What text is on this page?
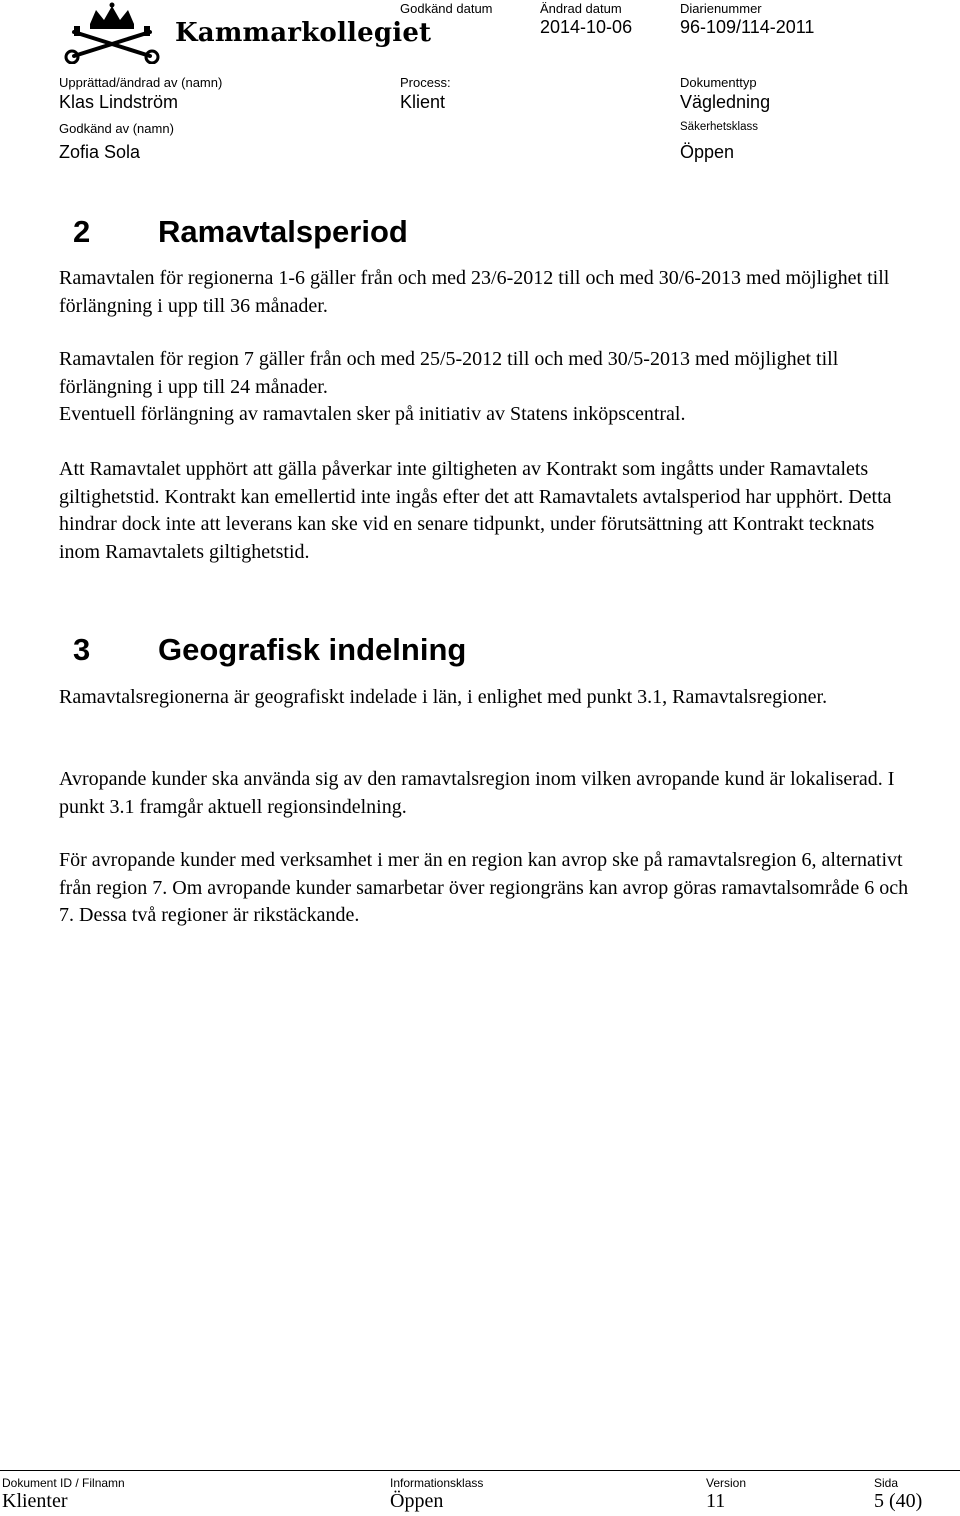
Kammarkollegiet
Godkänd datum	Ändrad datum
2014-10-06
Diarienummer
96-109/114-2011
Upprättad/ändrad av (namn)
Klas Lindström
Process:
Klient
Dokumenttyp
Vägledning
Godkänd av (namn)
Zofia Sola
Säkerhetsklass
Öppen
2 Ramavtalsperiod
Ramavtalen för regionerna 1-6 gäller från och med 23/6-2012 till och med 30/6-2013 med möjlighet till förlängning i upp till 36 månader.
Ramavtalen för region 7 gäller från och med 25/5-2012 till och med 30/5-2013 med möjlighet till förlängning i upp till 24 månader.
Eventuell förlängning av ramavtalen sker på initiativ av Statens inköpscentral.
Att Ramavtalet upphört att gälla påverkar inte giltigheten av Kontrakt som ingåtts under Ramavtalets giltighetstid. Kontrakt kan emellertid inte ingås efter det att Ramavtalets avtalsperiod har upphört. Detta hindrar dock inte att leverans kan ske vid en senare tidpunkt, under förutsättning att Kontrakt tecknats inom Ramavtalets giltighetstid.
3 Geografisk indelning
Ramavtalsregionerna är geografiskt indelade i län, i enlighet med punkt 3.1, Ramavtalsregioner.
Avropande kunder ska använda sig av den ramavtalsregion inom vilken avropande kund är lokaliserad. I punkt 3.1 framgår aktuell regionsindelning.
För avropande kunder med verksamhet i mer än en region kan avrop ske på ramavtalsregion 6, alternativt från region 7. Om avropande kunder samarbetar över regiongräns kan avrop göras ramavtalsområde 6 och 7. Dessa två regioner är rikstäckande.
Dokument ID / Filnamn
Klienter
Informationsklass
Öppen
Version
11
Sida
5 (40)
